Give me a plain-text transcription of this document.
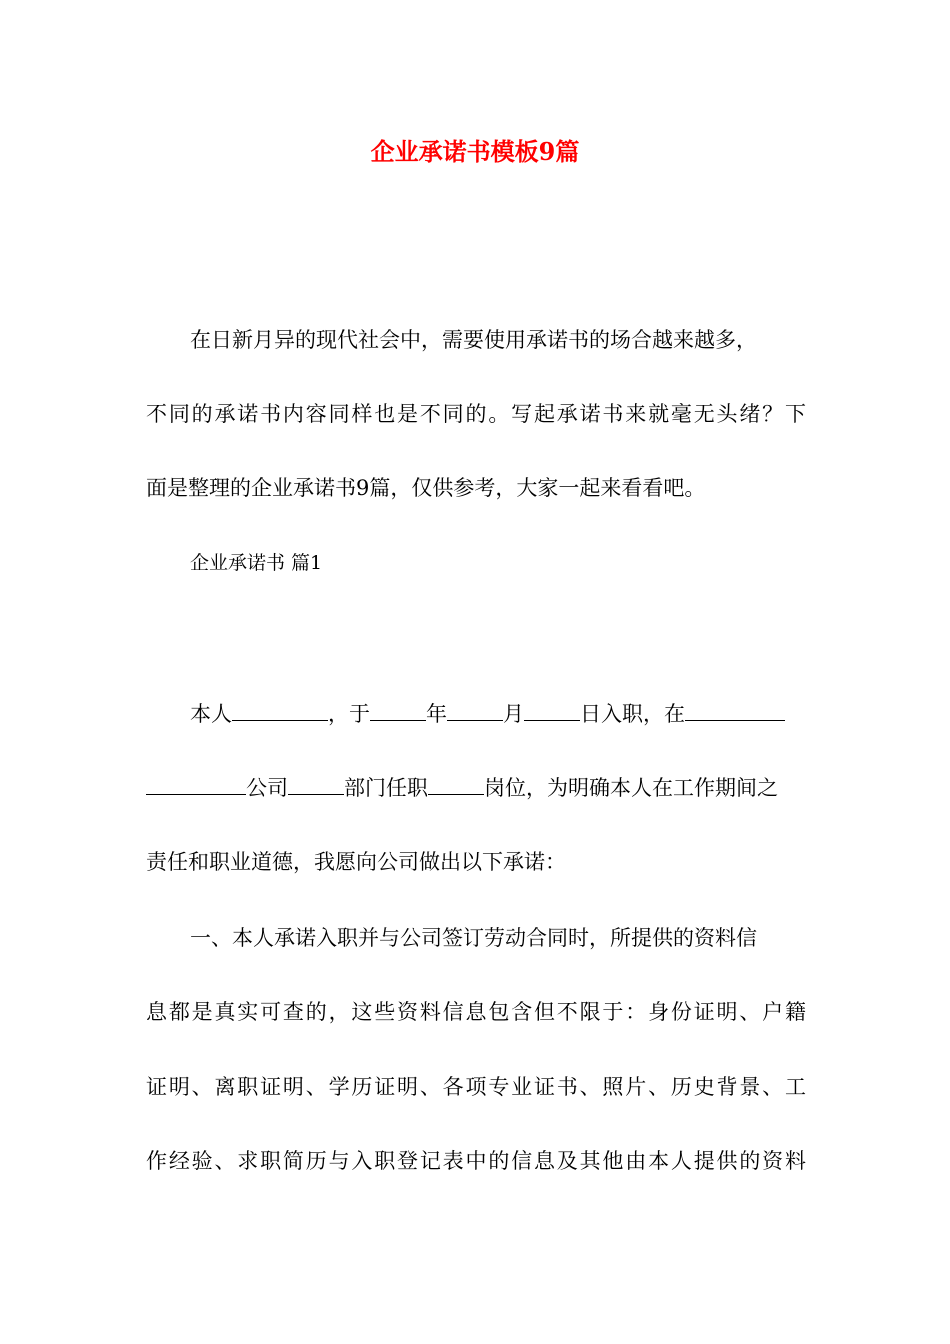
企业承诺书模板9篇
在日新月异的现代社会中，需要使用承诺书的场合越来越多，
不同的承诺书内容同样也是不同的。写起承诺书来就毫无头绪？下
面是整理的企业承诺书9篇，仅供参考，大家一起来看看吧。
企业承诺书 篇1
本人	，于	年	月	日入职，在
公司	部门任职	岗位，为明确本人在工作期间之
责任和职业道德，我愿向公司做出以下承诺：
一、本人承诺入职并与公司签订劳动合同时，所提供的资料信
息都是真实可查的，这些资料信息包含但不限于：身份证明、户籍
证明、离职证明、学历证明、各项专业证书、照片、历史背景、工
作经验、求职简历与入职登记表中的信息及其他由本人提供的资料
